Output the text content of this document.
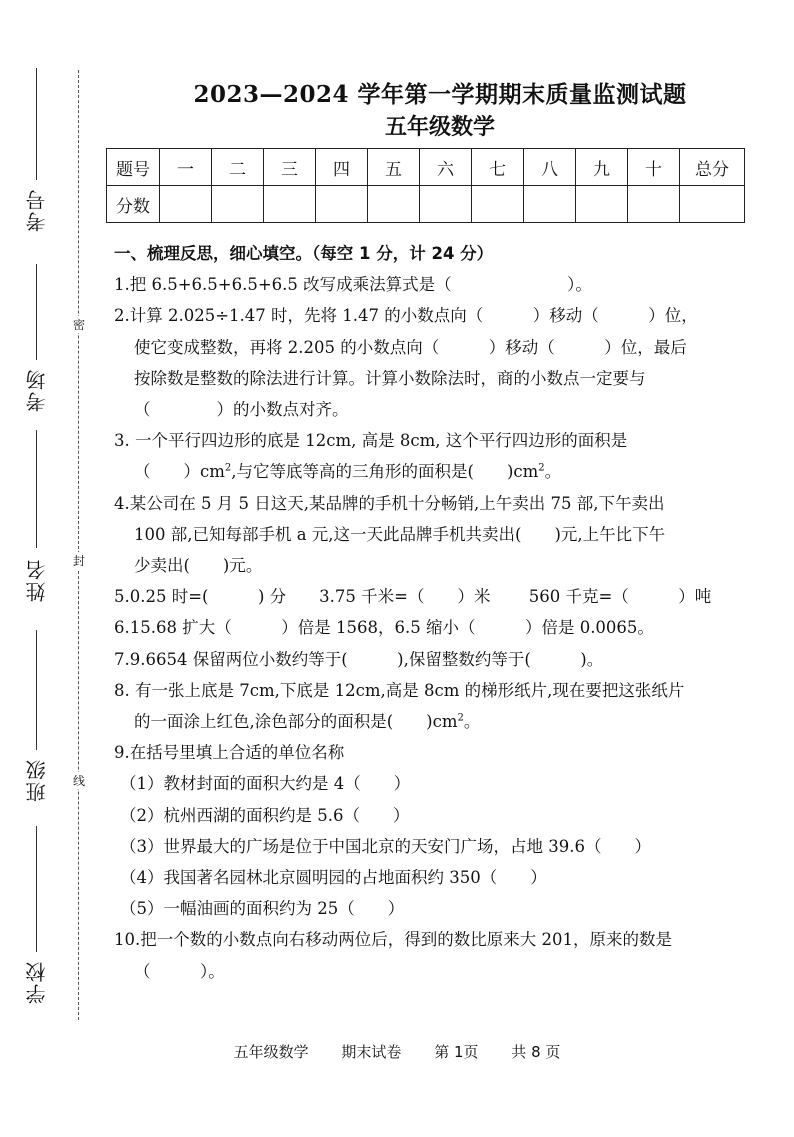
考号
考场
姓名
班级
学校
密
封
线
2023—2024 学年第一学期期末质量监测试题
五年级数学
题号	一	二	三	四	五	六	七	八	九	十	总分
分数											
一、梳理反思，细心填空。（每空 1 分，计 24 分）
1.把 6.5+6.5+6.5+6.5 改写成乘法算式是（　　　　　　　）。
2.计算 2.025÷1.47 时，先将 1.47 的小数点向（　　　）移动（　　　）位，
使它变成整数，再将 2.205 的小数点向（　　　）移动（　　　）位，最后
按除数是整数的除法进行计算。计算小数除法时，商的小数点一定要与
（　　　　）的小数点对齐。
3. 一个平行四边形的底是 12cm, 高是 8cm, 这个平行四边形的面积是
（　　）$cm^2$,与它等底等高的三角形的面积是(　　)$cm^2$。
4.某公司在 5 月 5 日这天,某品牌的手机十分畅销,上午卖出 75 部,下午卖出
100 部,已知每部手机 a 元,这一天此品牌手机共卖出(　　)元,上午比下午
少卖出(　　)元。
5.0.25 时=(　　　) 分　　3.75 千米=（　　）米　　 560 千克=（　　　）吨
6.15.68 扩大（　　　）倍是 1568，6.5 缩小（　　　）倍是 0.0065。
7.9.6654 保留两位小数约等于(　　　),保留整数约等于(　　　)。
8. 有一张上底是 7cm,下底是 12cm,高是 8cm 的梯形纸片,现在要把这张纸片
的一面涂上红色,涂色部分的面积是(　　)$cm^2$。
9.在括号里填上合适的单位名称
（1）教材封面的面积大约是 4（　　）
（2）杭州西湖的面积约是 5.6（　　）
（3）世界最大的广场是位于中国北京的天安门广场，占地 39.6（　　）
（4）我国著名园林北京圆明园的占地面积约 350（　　）
（5）一幅油画的面积约为 25（　　）
10.把一个数的小数点向右移动两位后，得到的数比原来大 201，原来的数是
（　　　）。
五年级数学 期末试卷 第 1页 共 8 页
